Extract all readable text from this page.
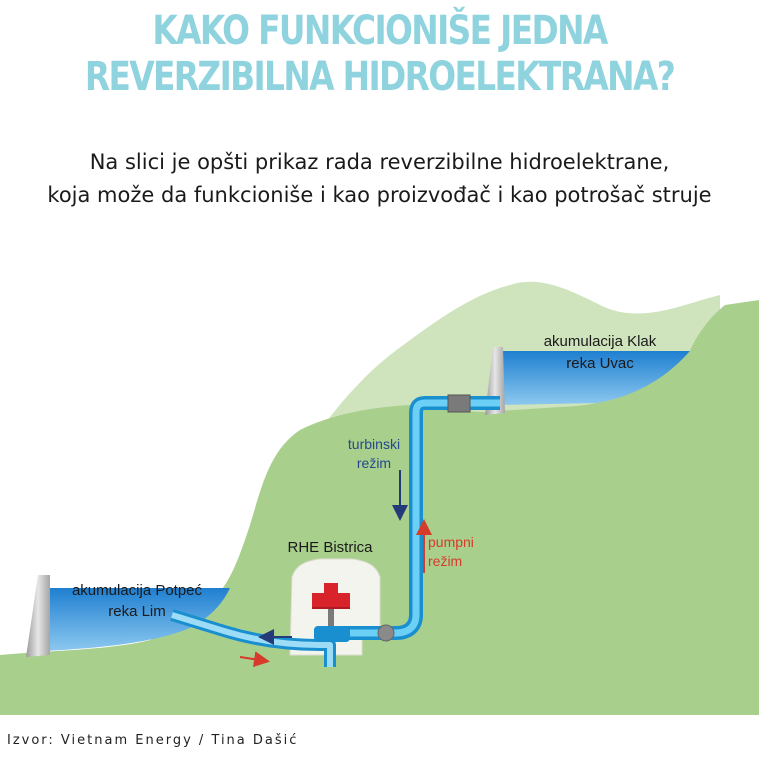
KAKO FUNKCIONIŠE JEDNA
REVERZIBILNA HIDROELEKTRANA?

Na slici je opšti prikaz rada reverzibilne hidroelektrane,
koja može da funkcioniše i kao proizvođač i kao potrošač struje

akumulacija Klak
reka Uvac
akumulacija Potpeć
reka Lim
RHE Bistrica
turbinski
režim
pumpni
režim
Izvor: Vietnam Energy / Tina Dašić
